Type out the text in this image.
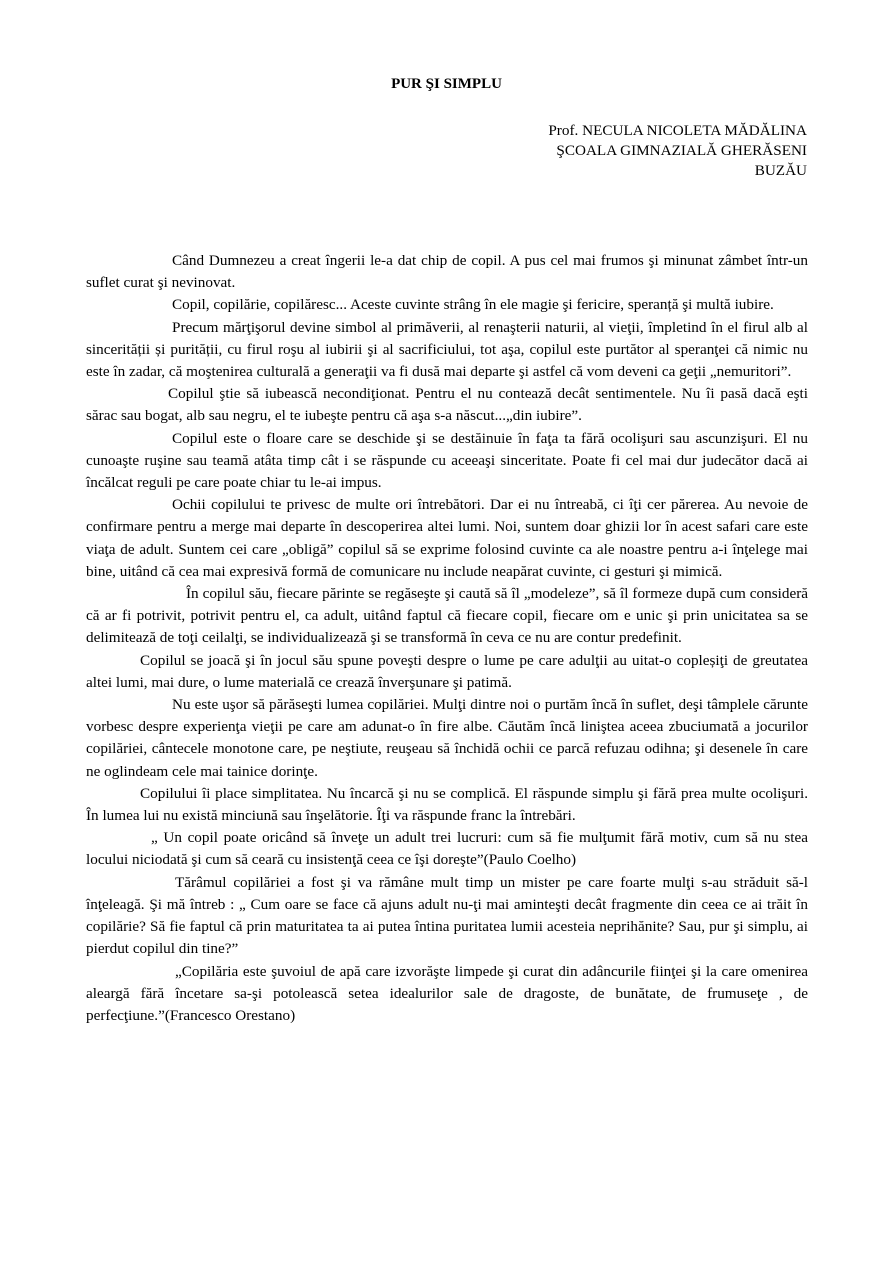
PUR ŞI SIMPLU
Prof. NECULA NICOLETA MĂDĂLINA
ŞCOALA GIMNAZIALĂ GHERĂSENI
BUZĂU

Când Dumnezeu a creat îngerii le-a dat chip de copil. A pus cel mai frumos şi minunat zâmbet într-un suflet curat şi nevinovat.

Copil, copilărie, copilăresc... Aceste cuvinte strâng în ele magie şi fericire, speranță şi multă iubire.

Precum mărţişorul devine simbol al primăverii, al renaşterii naturii, al vieţii, împletind în el firul alb al sincerității și purității, cu firul roşu al iubirii şi al sacrificiului, tot aşa, copilul este purtător al speranţei că nimic nu este în zadar, că moştenirea culturală a generaţii va fi dusă mai departe şi astfel că vom deveni ca geţii „nemuritori”.

Copilul ştie să iubească necondiţionat. Pentru el nu contează decât sentimentele. Nu îi pasă dacă eşti sărac sau bogat, alb sau negru, el te iubeşte pentru că aşa s-a născut...„din iubire”.

Copilul este o floare care se deschide şi se destăinuie în faţa ta fără ocolişuri sau ascunzişuri. El nu cunoaşte ruşine sau teamă atâta timp cât i se răspunde cu aceeaşi sinceritate. Poate fi cel mai dur judecător dacă ai încălcat reguli pe care poate chiar tu le-ai impus.

Ochii copilului te privesc de multe ori întrebători. Dar ei nu întreabă, ci îţi cer părerea. Au nevoie de confirmare pentru a merge mai departe în descoperirea altei lumi. Noi, suntem doar ghizii lor în acest safari care este viaţa de adult. Suntem cei care „obligă” copilul să se exprime folosind cuvinte ca ale noastre pentru a-i înţelege mai bine, uitând că cea mai expresivă formă de comunicare nu include neapărat cuvinte, ci gesturi şi mimică.

În copilul său, fiecare părinte se regăseşte şi caută să îl „modeleze”, să îl formeze după cum consideră că ar fi potrivit, potrivit pentru el, ca adult, uitând faptul că fiecare copil, fiecare om e unic şi prin unicitatea sa se delimitează de toţi ceilalţi, se individualizează şi se transformă în ceva ce nu are contur predefinit.

Copilul se joacă şi în jocul său spune poveşti despre o lume pe care adulţii au uitat-o copleșiţi de greutatea altei lumi, mai dure, o lume materială ce crează înverşunare şi patimă.

Nu este uşor să părăseşti lumea copilăriei. Mulţi dintre noi o purtăm încă în suflet, deşi tâmplele cărunte vorbesc despre experienţa vieţii pe care am adunat-o în fire albe. Căutăm încă liniştea aceea zbuciumată a jocurilor copilăriei, cântecele monotone care, pe neştiute, reuşeau să închidă ochii ce parcă refuzau odihna; şi desenele în care ne oglindeam cele mai tainice dorinţe.

Copilului îi place simplitatea. Nu încarcă şi nu se complică. El răspunde simplu şi fără prea multe ocolişuri. În lumea lui nu există minciună sau înşelătorie. Îţi va răspunde franc la întrebări.

„ Un copil poate oricând să înveţe un adult trei lucruri: cum să fie mulţumit fără motiv, cum să nu stea locului niciodată şi cum să ceară cu insistenţă ceea ce îşi doreşte”(Paulo Coelho)

Tărâmul copilăriei a fost şi va rămâne mult timp un mister pe care foarte mulţi s-au străduit să-l înţeleagă. Şi mă întreb : „ Cum oare se face că ajuns adult nu-ţi mai aminteşti decât fragmente din ceea ce ai trăit în copilărie? Să fie faptul că prin maturitatea ta ai putea întina puritatea lumii acesteia neprihănite? Sau, pur şi simplu, ai pierdut copilul din tine?”

„Copilăria este şuvoiul de apă care izvorăşte limpede şi curat din adâncurile fiinţei şi la care omenirea aleargă fără încetare sa-şi potolească setea idealurilor sale de dragoste, de bunătate, de frumuseţe , de perfecţiune.”(Francesco Orestano)
